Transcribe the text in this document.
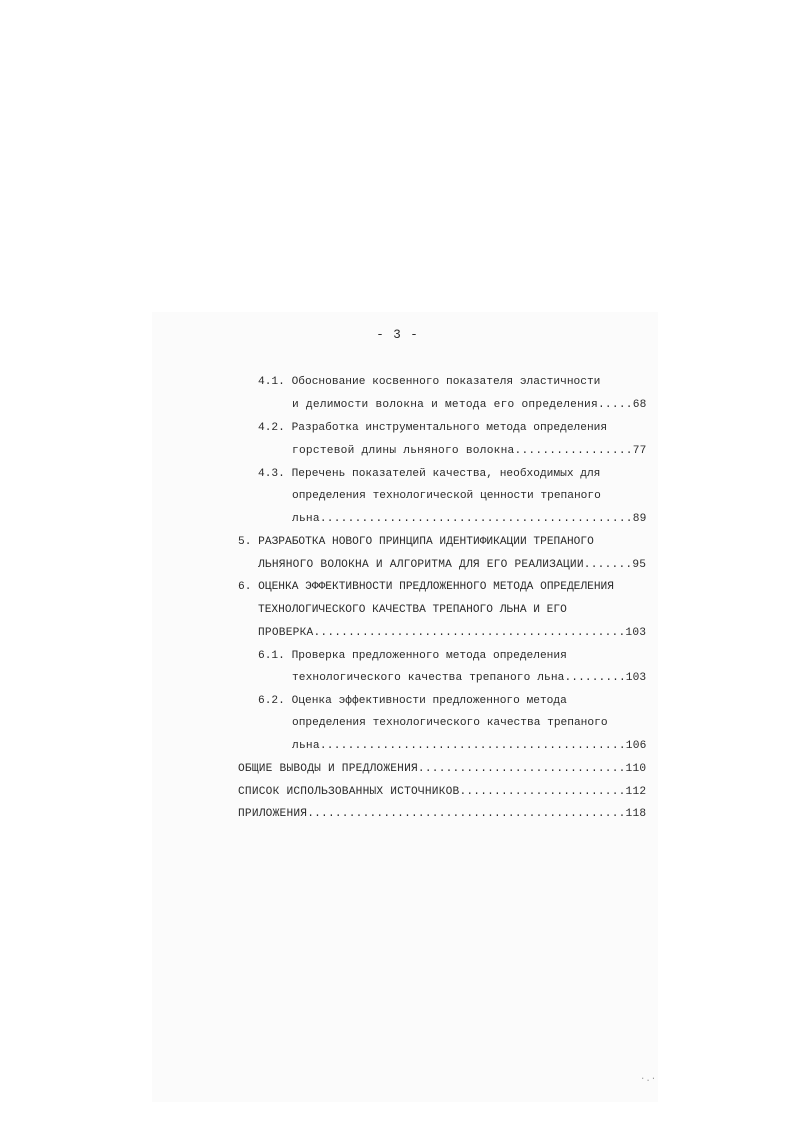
- 3 -
4.1. Обоснование косвенного показателя эластичности
и делимости волокна и метода его определения.....68
4.2. Разработка инструментального метода определения
горстевой длины льняного волокна.................77
4.3. Перечень показателей качества, необходимых для
определения технологической ценности трепаного
льна.............................................89
5. РАЗРАБОТКА НОВОГО ПРИНЦИПА ИДЕНТИФИКАЦИИ ТРЕПАНОГО
ЛЬНЯНОГО ВОЛОКНА И АЛГОРИТМА ДЛЯ ЕГО РЕАЛИЗАЦИИ.......95
6. ОЦЕНКА ЭФФЕКТИВНОСТИ ПРЕДЛОЖЕННОГО МЕТОДА ОПРЕДЕЛЕНИЯ
ТЕХНОЛОГИЧЕСКОГО КАЧЕСТВА ТРЕПАНОГО ЛЬНА И ЕГО
ПРОВЕРКА.............................................103
6.1. Проверка предложенного метода определения
технологического качества трепаного льна.........103
6.2. Оценка эффективности предложенного метода
определения технологического качества трепаного
льна............................................106
ОБЩИЕ ВЫВОДЫ И ПРЕДЛОЖЕНИЯ..............................110
СПИСОК ИСПОЛЬЗОВАННЫХ ИСТОЧНИКОВ........................112
ПРИЛОЖЕНИЯ..............................................118
·.·
